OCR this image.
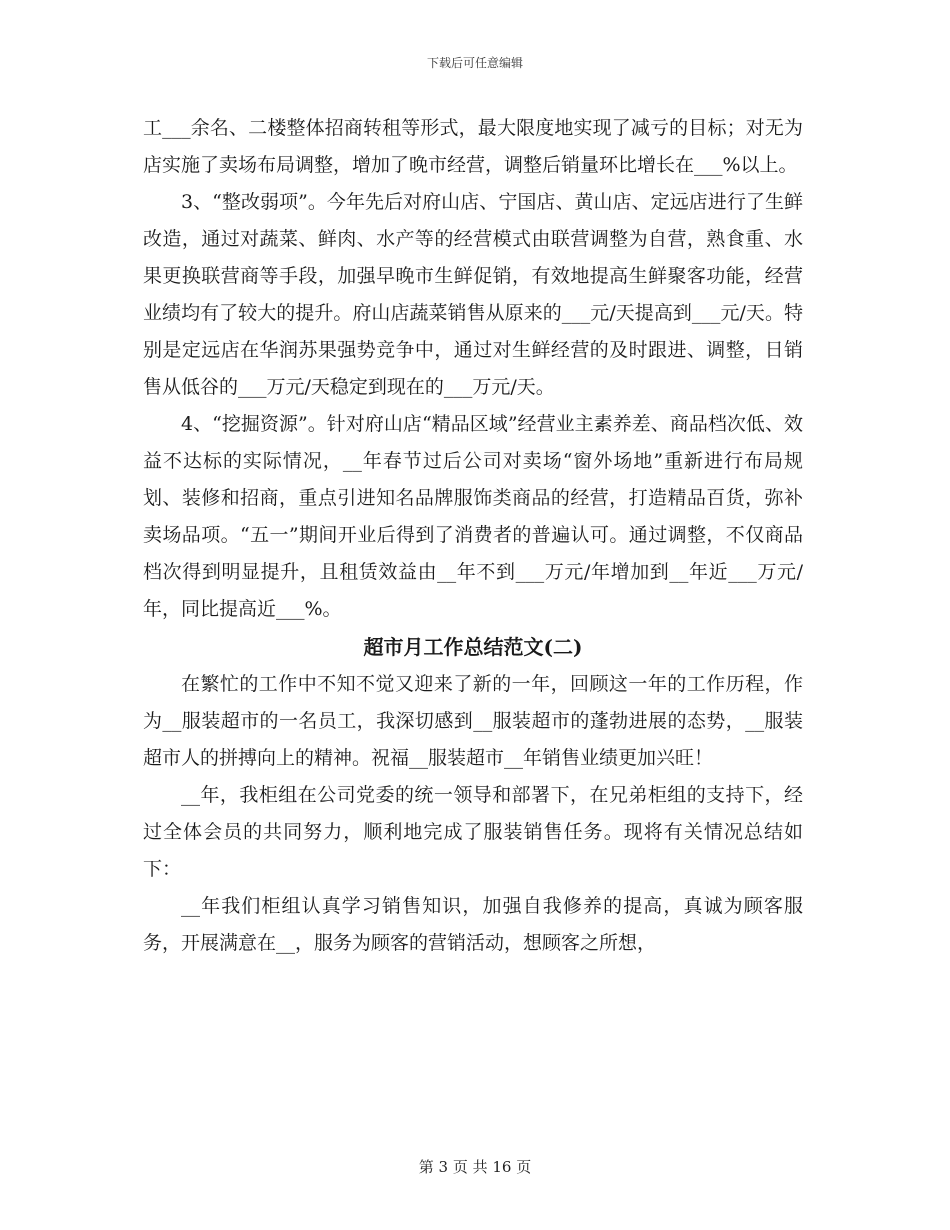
下载后可任意编辑

工___余名、二楼整体招商转租等形式，最大限度地实现了减亏的目标；对无为店实施了卖场布局调整，增加了晚市经营，调整后销量环比增长在___%以上。

3、“整改弱项”。今年先后对府山店、宁国店、黄山店、定远店进行了生鲜改造，通过对蔬菜、鲜肉、水产等的经营模式由联营调整为自营，熟食重、水果更换联营商等手段，加强早晚市生鲜促销，有效地提高生鲜聚客功能，经营业绩均有了较大的提升。府山店蔬菜销售从原来的___元/天提高到___元/天。特别是定远店在华润苏果强势竞争中，通过对生鲜经营的及时跟进、调整，日销售从低谷的___万元/天稳定到现在的___万元/天。

4、“挖掘资源”。针对府山店“精品区域”经营业主素养差、商品档次低、效益不达标的实际情况，__年春节过后公司对卖场“窗外场地”重新进行布局规划、装修和招商，重点引进知名品牌服饰类商品的经营，打造精品百货，弥补卖场品项。“五一”期间开业后得到了消费者的普遍认可。通过调整，不仅商品档次得到明显提升，且租赁效益由__年不到___万元/年增加到__年近___万元/年，同比提高近___%。

超市月工作总结范文(二)

在繁忙的工作中不知不觉又迎来了新的一年，回顾这一年的工作历程，作为__服装超市的一名员工，我深切感到__服装超市的蓬勃进展的态势，__服装超市人的拼搏向上的精神。祝福__服装超市__年销售业绩更加兴旺！

__年，我柜组在公司党委的统一领导和部署下，在兄弟柜组的支持下，经过全体会员的共同努力，顺利地完成了服装销售任务。现将有关情况总结如下：

__年我们柜组认真学习销售知识，加强自我修养的提高，真诚为顾客服务，开展满意在__，服务为顾客的营销活动，想顾客之所想，

第 3 页 共 16 页
